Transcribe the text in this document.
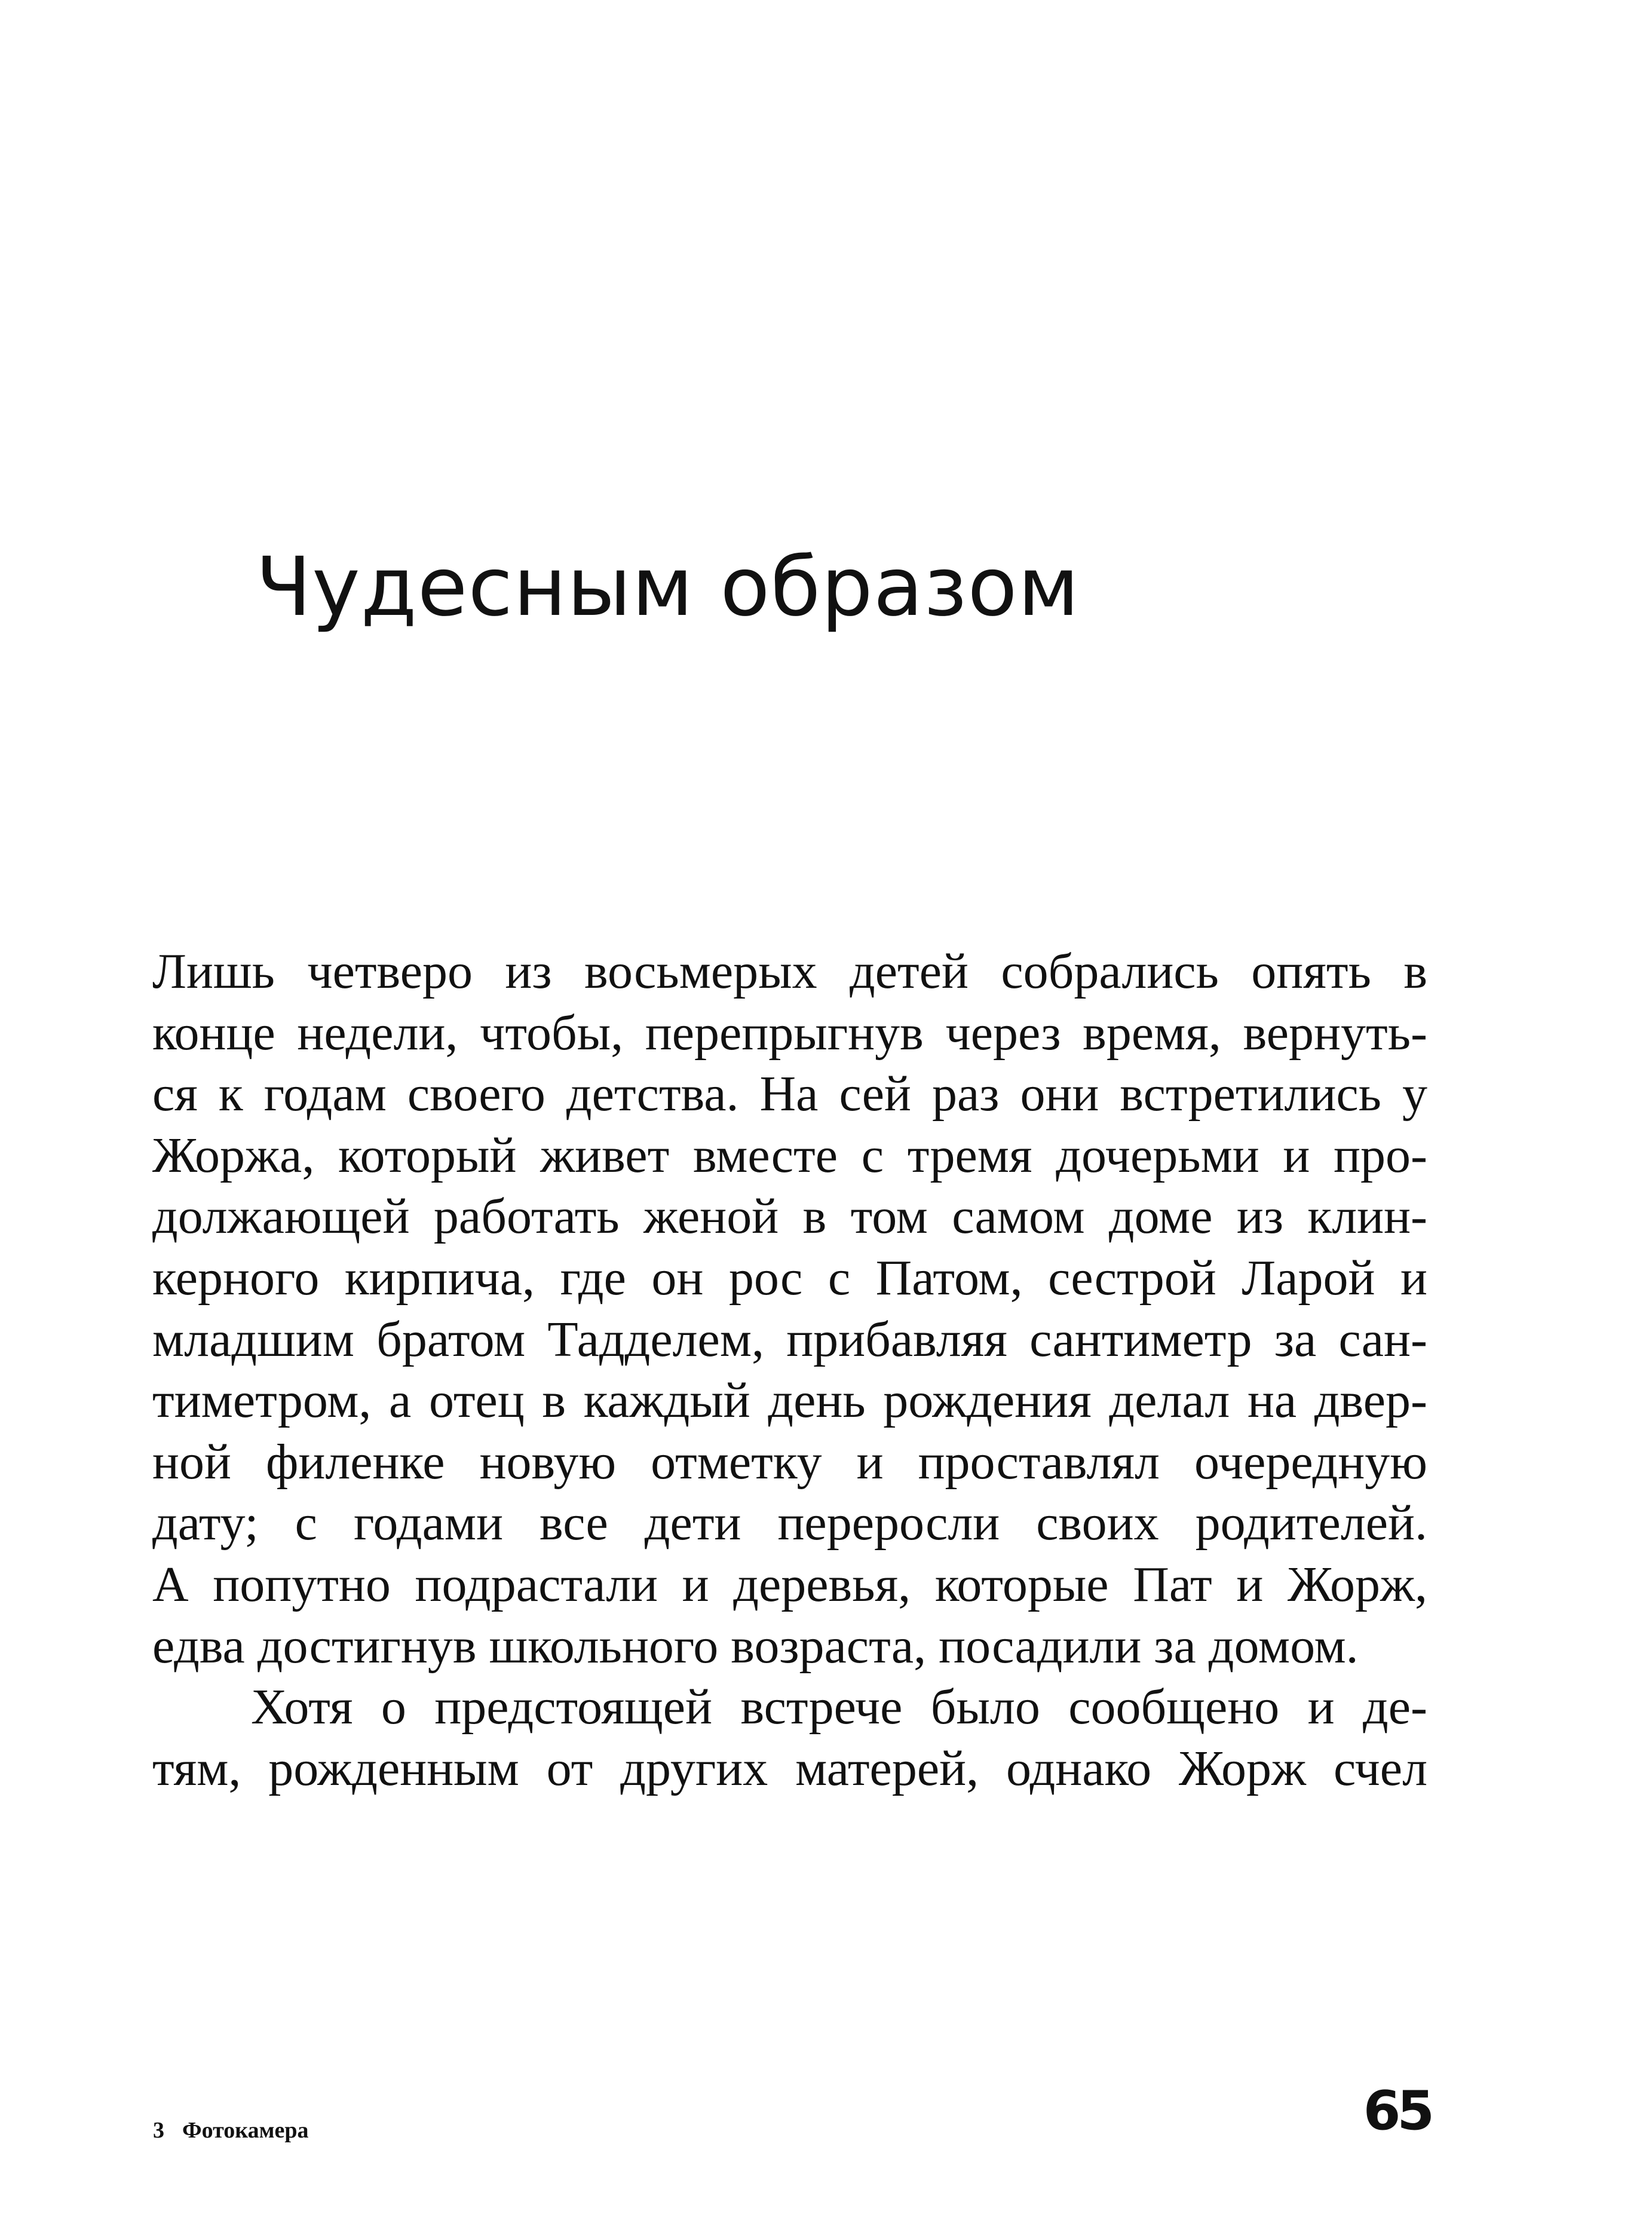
Чудесным образом
Лишь четверо из восьмерых детей собрались опять в
конце недели, чтобы, перепрыгнув через время, вернуть-
ся к годам своего детства. На сей раз они встретились у
Жоржа, который живет вместе с тремя дочерьми и про-
должающей работать женой в том самом доме из клин-
керного кирпича, где он рос с Патом, сестрой Ларой и
младшим братом Тадделем, прибавляя сантиметр за сан-
тиметром, а отец в каждый день рождения делал на двер-
ной филенке новую отметку и проставлял очередную
дату; с годами все дети переросли своих родителей.
А попутно подрастали и деревья, которые Пат и Жорж,
едва достигнув школьного возраста, посадили за домом.
Хотя о предстоящей встрече было сообщено и де-
тям, рожденным от других матерей, однако Жорж счел
3 Фотокамера	65
